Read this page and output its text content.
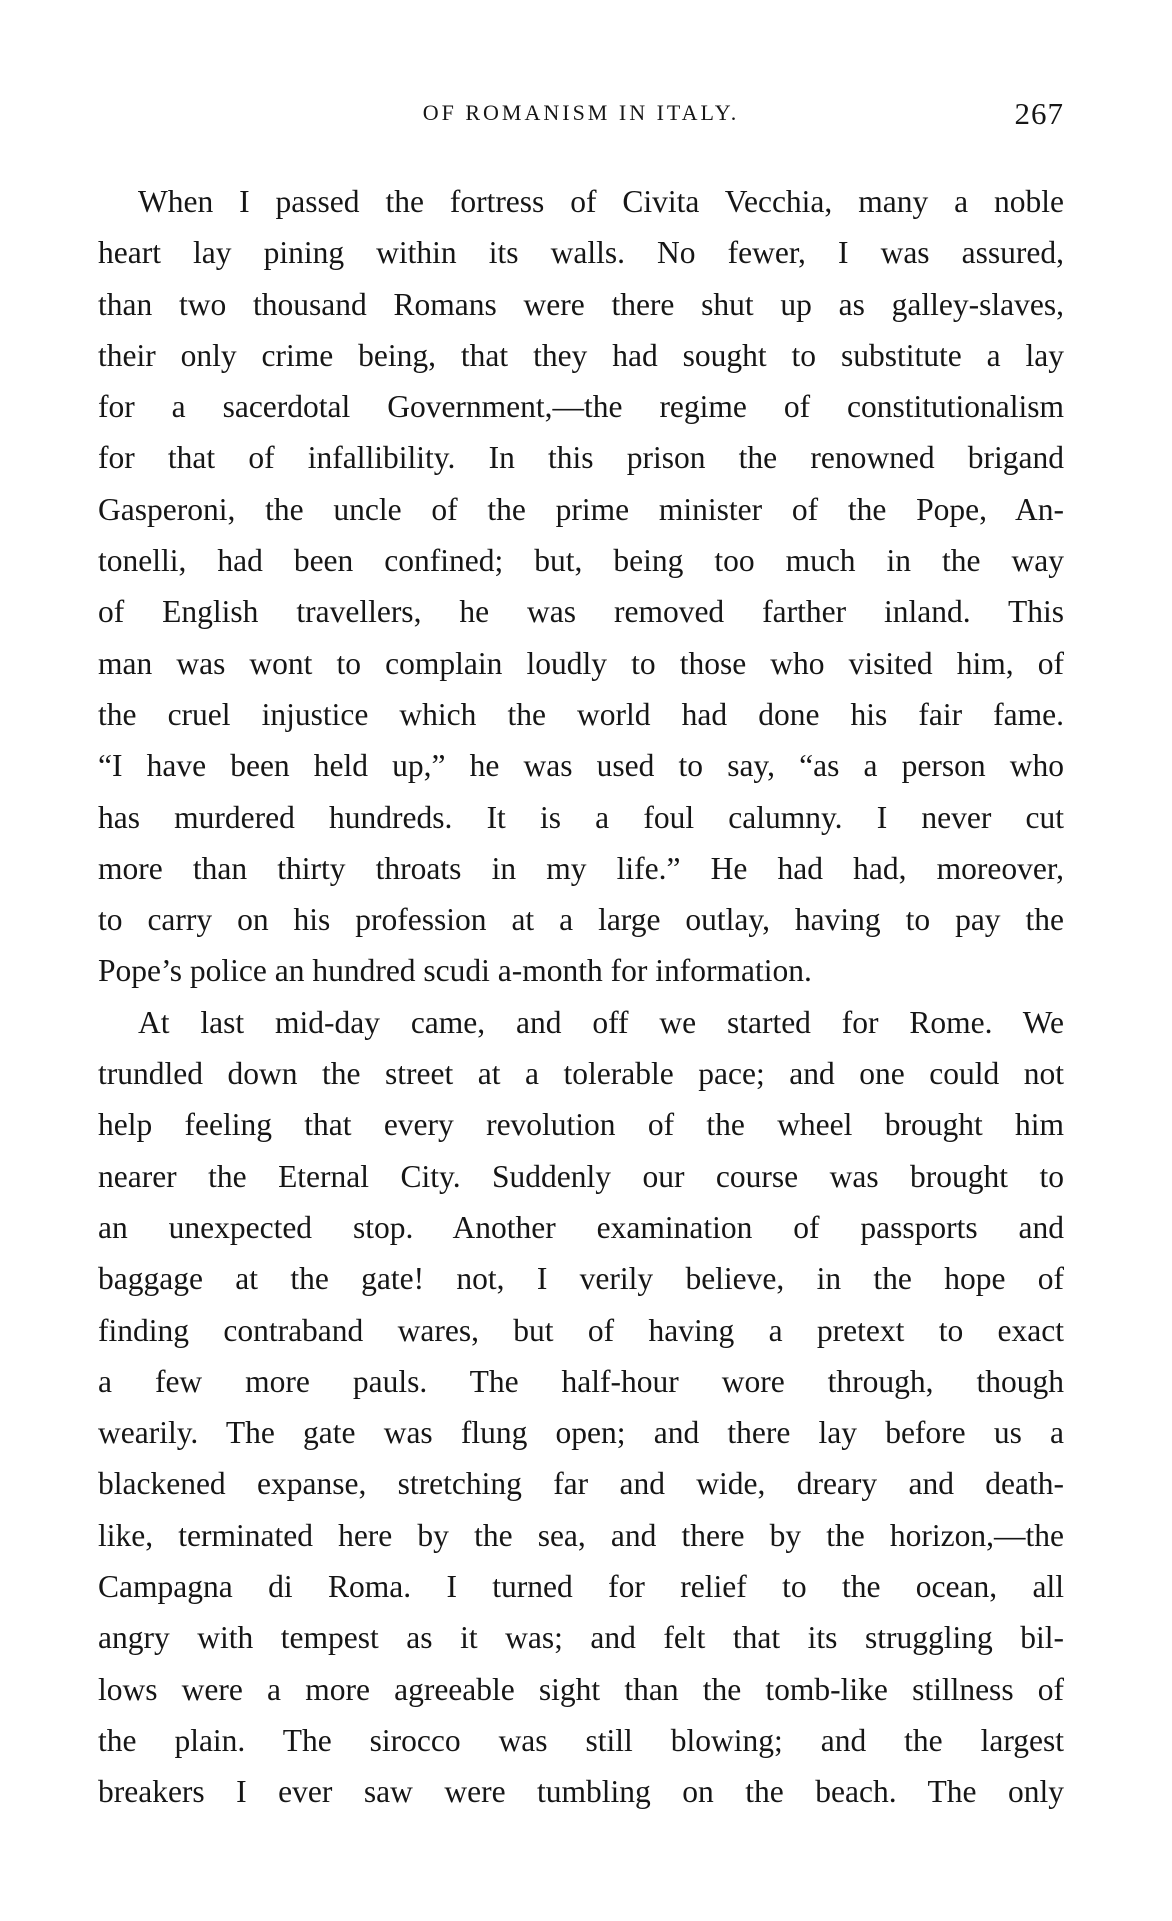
OF ROMANISM IN ITALY.	267
When I passed the fortress of Civita Vecchia, many a noble
heart lay pining within its walls. No fewer, I was assured,
than two thousand Romans were there shut up as galley-slaves,
their only crime being, that they had sought to substitute a lay
for a sacerdotal Government,—the regime of constitutionalism
for that of infallibility. In this prison the renowned brigand
Gasperoni, the uncle of the prime minister of the Pope, An-
tonelli, had been confined; but, being too much in the way
of English travellers, he was removed farther inland. This
man was wont to complain loudly to those who visited him, of
the cruel injustice which the world had done his fair fame.
“I have been held up,” he was used to say, “as a person who
has murdered hundreds. It is a foul calumny. I never cut
more than thirty throats in my life.” He had had, moreover,
to carry on his profession at a large outlay, having to pay the
Pope’s police an hundred scudi a-month for information.
At last mid-day came, and off we started for Rome. We
trundled down the street at a tolerable pace; and one could not
help feeling that every revolution of the wheel brought him
nearer the Eternal City. Suddenly our course was brought to
an unexpected stop. Another examination of passports and
baggage at the gate! not, I verily believe, in the hope of
finding contraband wares, but of having a pretext to exact
a few more pauls. The half-hour wore through, though
wearily. The gate was flung open; and there lay before us a
blackened expanse, stretching far and wide, dreary and death-
like, terminated here by the sea, and there by the horizon,—the
Campagna di Roma. I turned for relief to the ocean, all
angry with tempest as it was; and felt that its struggling bil-
lows were a more agreeable sight than the tomb-like stillness of
the plain. The sirocco was still blowing; and the largest
breakers I ever saw were tumbling on the beach. The only
